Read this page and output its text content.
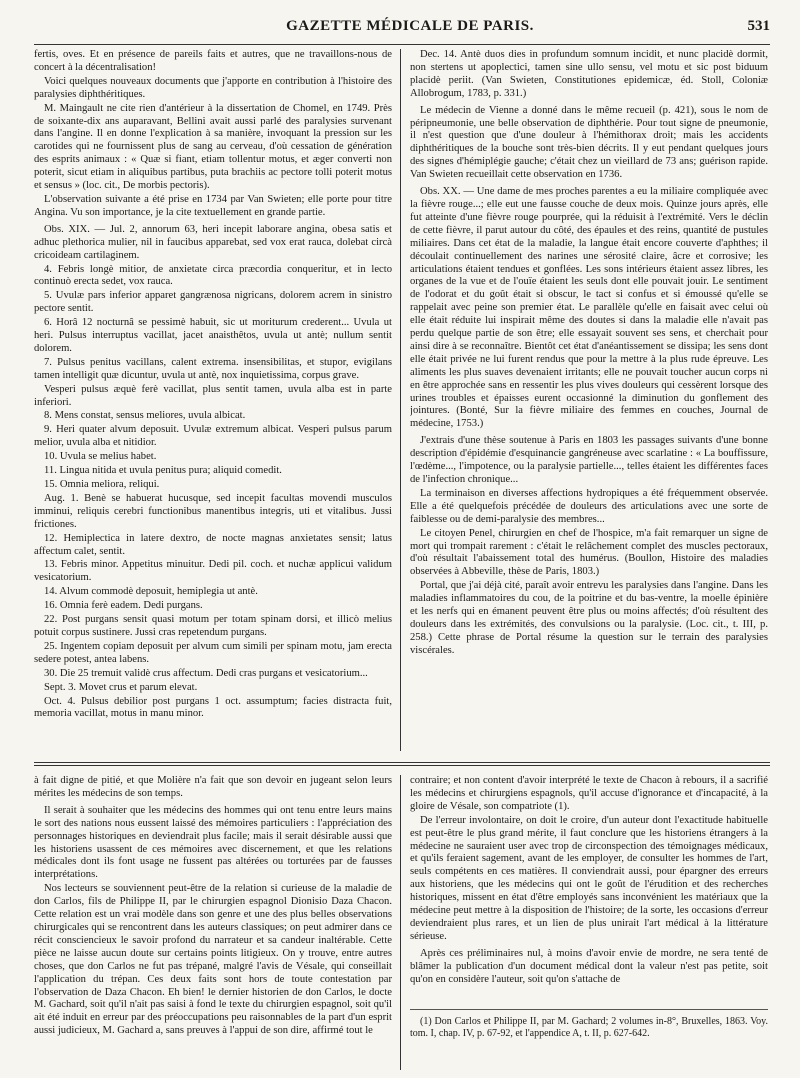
GAZETTE MÉDICALE DE PARIS.	531

fertis, oves. Et en présence de pareils faits et autres, que ne travaillons-nous de concert à la décentralisation!

Voici quelques nouveaux documents que j'apporte en contribution à l'histoire des paralysies diphthéritiques.

M. Maingault ne cite rien d'antérieur à la dissertation de Chomel, en 1749. Près de soixante-dix ans auparavant, Bellini avait aussi parlé des paralysies survenant dans l'angine. Il en donne l'explication à sa manière, invoquant la pression sur les carotides qui ne fournissent plus de sang au cerveau, d'où cessation de génération des esprits animaux : « Quæ si fiant, etiam tollentur motus, et æger converti non poterit, sicut etiam in aliquibus partibus, puta brachiis ac pectore tolli poterit motus et sensus » (loc. cit., De morbis pectoris).

L'observation suivante a été prise en 1734 par Van Swieten; elle porte pour titre Angina. Vu son importance, je la cite textuellement en grande partie.

Obs. XIX. — Jul. 2, annorum 63, heri incepit laborare angina, obesa satis et adhuc plethorica mulier, nil in faucibus apparebat, sed vox erat rauca, dolebat circà cricoideam cartilaginem.

4. Febris longè mitior, de anxietate circa præcordia conqueritur, et in lecto continuò erecta sedet, vox rauca.

5. Uvulæ pars inferior apparet gangrænosa nigricans, dolorem acrem in sinistro pectore sentit.

6. Horâ 12 nocturnâ se pessimè habuit, sic ut moriturum crederent... Uvula ut heri. Pulsus interruptus vacillat, jacet anaisthêtos, uvula ut antè; nullum sentit dolorem.

7. Pulsus penitus vacillans, calent extrema. insensibilitas, et stupor, evigilans tamen intelligit quæ dicuntur, uvula ut antè, nox inquietissima, corpus grave.

Vesperi pulsus æquè ferè vacillat, plus sentit tamen, uvula alba est in parte inferiori.

8. Mens constat, sensus meliores, uvula albicat.

9. Heri quater alvum deposuit. Uvulæ extremum albicat. Vesperi pulsus parum melior, uvula alba et nitidior.

10. Uvula se melius habet.

11. Lingua nitida et uvula penitus pura; aliquid comedit.

15. Omnia meliora, reliqui.

Aug. 1. Benè se habuerat hucusque, sed incepit facultas movendi musculos imminui, reliquis cerebri functionibus manentibus integris, uti et vitalibus. Jussi frictiones.

12. Hemiplectica in latere dextro, de nocte magnas anxietates sensit; latus affectum calet, sentit.

13. Febris minor. Appetitus minuitur. Dedi pil. coch. et nuchæ applicui validum vesicatorium.

14. Alvum commodè deposuit, hemiplegia ut antè.

16. Omnia ferè eadem. Dedi purgans.

22. Post purgans sensit quasi motum per totam spinam dorsi, et illicò melius potuit corpus sustinere. Jussi cras repetendum purgans.

25. Ingentem copiam deposuit per alvum cum simili per spinam motu, jam erecta sedere potest, antea labens.

30. Die 25 tremuit validè crus affectum. Dedi cras purgans et vesicatorium...

Sept. 3. Movet crus et parum elevat.

Oct. 4. Pulsus debilior post purgans 1 oct. assumptum; facies distracta fuit, memoria vacillat, motus in manu minor.

Dec. 14. Antè duos dies in profundum somnum incidit, et nunc placidè dormit, non stertens ut apoplectici, tamen sine ullo sensu, vel motu et sic post biduum placidè periit. (Van Swieten, Constitutiones epidemicæ, éd. Stoll, Coloniæ Allobrogum, 1783, p. 331.)

Le médecin de Vienne a donné dans le même recueil (p. 421), sous le nom de péripneumonie, une belle observation de diphthérie. Pour tout signe de pneumonie, il n'est question que d'une douleur à l'hémithorax droit; mais les accidents diphthéritiques de la bouche sont très-bien décrits. Il y eut pendant quelques jours des signes d'hémiplégie gauche; c'était chez un vieillard de 73 ans; guérison rapide. Van Swieten recueillait cette observation en 1736.

Obs. XX. — Une dame de mes proches parentes a eu la miliaire compliquée avec la fièvre rouge...; elle eut une fausse couche de deux mois. Quinze jours après, elle fut atteinte d'une fièvre rouge pourprée, qui la réduisit à l'extrémité. Vers le déclin de cette fièvre, il parut autour du côté, des épaules et des reins, quantité de pustules miliaires. Dans cet état de la maladie, la langue était encore couverte d'aphthes; il découlait continuellement des narines une sérosité claire, âcre et corrosive; les articulations étaient tendues et gonflées. Les sons intérieurs étaient assez libres, les organes de la vue et de l'ouïe étaient les seuls dont elle pouvait jouir. Le sentiment de l'odorat et du goût était si obscur, le tact si confus et si émoussé qu'elle se rappelait avec peine son premier état. Le parallèle qu'elle en faisait avec celui où elle était réduite lui inspirait même des doutes si dans la maladie elle n'avait pas perdu quelque partie de son être; elle essayait souvent ses sens, et cherchait pour ainsi dire à se reconnaître. Bientôt cet état d'anéantissement se dissipa; les sens dont elle était privée ne lui furent rendus que pour la mettre à la plus rude épreuve. Les aliments les plus suaves devenaient irritants; elle ne pouvait toucher aucun corps ni en être approchée sans en ressentir les plus vives douleurs qui cessèrent lorsque des urines troubles et épaisses eurent occasionné la diminution du gonflement des jointures. (Bonté, Sur la fièvre miliaire des femmes en couches, Journal de médecine, 1753.)

J'extrais d'une thèse soutenue à Paris en 1803 les passages suivants d'une bonne description d'épidémie d'esquinancie gangréneuse avec scarlatine : « La bouffissure, l'œdème..., l'impotence, ou la paralysie partielle..., telles étaient les différentes faces de l'infection chronique...

La terminaison en diverses affections hydropiques a été fréquemment observée. Elle a été quelquefois précédée de douleurs des articulations avec une sorte de faiblesse ou de demi-paralysie des membres...

Le citoyen Penel, chirurgien en chef de l'hospice, m'a fait remarquer un signe de mort qui trompait rarement : c'était le relâchement complet des muscles pectoraux, d'où résultait l'abaissement total des humérus. (Boullon, Histoire des maladies observées à Abbeville, thèse de Paris, 1803.)

Portal, que j'ai déjà cité, paraît avoir entrevu les paralysies dans l'angine. Dans les maladies inflammatoires du cou, de la poitrine et du bas-ventre, la moelle épinière et les nerfs qui en émanent peuvent être plus ou moins affectés; d'où résultent des douleurs dans les extrémités, des convulsions ou la paralysie. (Loc. cit., t. III, p. 258.) Cette phrase de Portal résume la question sur le terrain des paralysies viscérales.

à fait digne de pitié, et que Molière n'a fait que son devoir en jugeant selon leurs mérites les médecins de son temps.

Il serait à souhaiter que les médecins des hommes qui ont tenu entre leurs mains le sort des nations nous eussent laissé des mémoires particuliers : l'appréciation des personnages historiques en deviendrait plus facile; mais il serait désirable aussi que les historiens usassent de ces mémoires avec discernement, et que les relations médicales dont ils font usage ne fussent pas altérées ou torturées par de fausses interprétations.

Nos lecteurs se souviennent peut-être de la relation si curieuse de la maladie de don Carlos, fils de Philippe II, par le chirurgien espagnol Dionisio Daza Chacon. Cette relation est un vrai modèle dans son genre et une des plus belles observations chirurgicales qui se rencontrent dans les auteurs classiques; on peut admirer dans ce récit consciencieux le savoir profond du narrateur et sa candeur inaltérable. Cette pièce ne laisse aucun doute sur certains points litigieux. On y trouve, entre autres choses, que don Carlos ne fut pas trépané, malgré l'avis de Vésale, qui conseillait l'application du trépan. Ces deux faits sont hors de toute contestation par l'observation de Daza Chacon. Eh bien! le dernier historien de don Carlos, le docte M. Gachard, soit qu'il n'ait pas saisi à fond le texte du chirurgien espagnol, soit qu'il ait été induit en erreur par des préoccupations peu raisonnables de la part d'un esprit aussi judicieux, M. Gachard a, sans preuves à l'appui de son dire, affirmé tout le

contraire; et non content d'avoir interprété le texte de Chacon à rebours, il a sacrifié les médecins et chirurgiens espagnols, qu'il accuse d'ignorance et d'incapacité, à la gloire de Vésale, son compatriote (1).

De l'erreur involontaire, on doit le croire, d'un auteur dont l'exactitude habituelle est peut-être le plus grand mérite, il faut conclure que les historiens étrangers à la médecine ne sauraient user avec trop de circonspection des témoignages médicaux, et qu'ils feraient sagement, avant de les employer, de consulter les hommes de l'art, seuls compétents en ces matières. Il conviendrait aussi, pour épargner des erreurs aux historiens, que les médecins qui ont le goût de l'érudition et des recherches historiques, missent en état d'être employés sans inconvénient les matériaux que la médecine peut mettre à la disposition de l'histoire; de la sorte, les occasions d'erreur deviendraient plus rares, et un lien de plus unirait l'art médical à la littérature sérieuse.

Après ces préliminaires nul, à moins d'avoir envie de mordre, ne sera tenté de blâmer la publication d'un document médical dont la valeur n'est pas petite, soit qu'on en considère l'auteur, soit qu'on s'attache de

(1) Don Carlos et Philippe II, par M. Gachard; 2 volumes in-8°, Bruxelles, 1863. Voy. tom. I, chap. IV, p. 67-92, et l'appendice A, t. II, p. 627-642.
